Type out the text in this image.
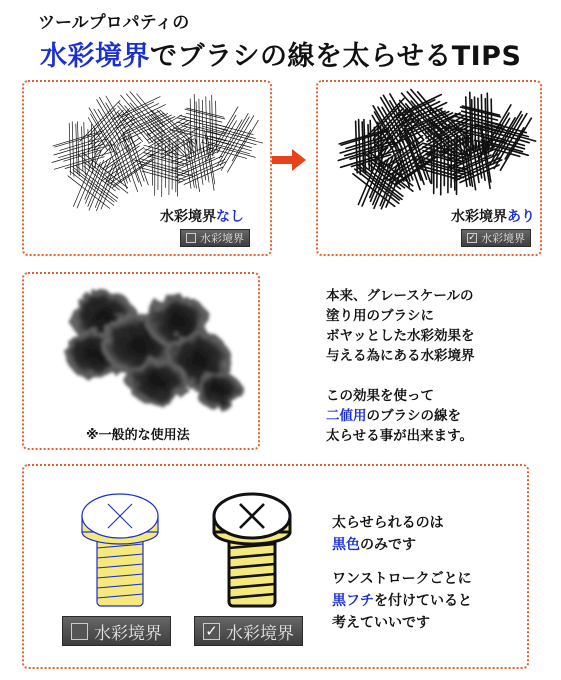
ツールプロパティの
水彩境界でブラシの線を太らせるTIPS
水彩境界なし
水彩境界
水彩境界あり
✓ 水彩境界
※一般的な使用法
本来、グレースケールの
塗り用のブラシに
ボヤッとした水彩効果を
与える為にある水彩境界
この効果を使って
二値用のブラシの線を
太らせる事が出来ます。
水彩境界	✓ 水彩境界
太らせられるのは
黒色のみです
ワンストロークごとに
黒フチを付けていると
考えていいです
